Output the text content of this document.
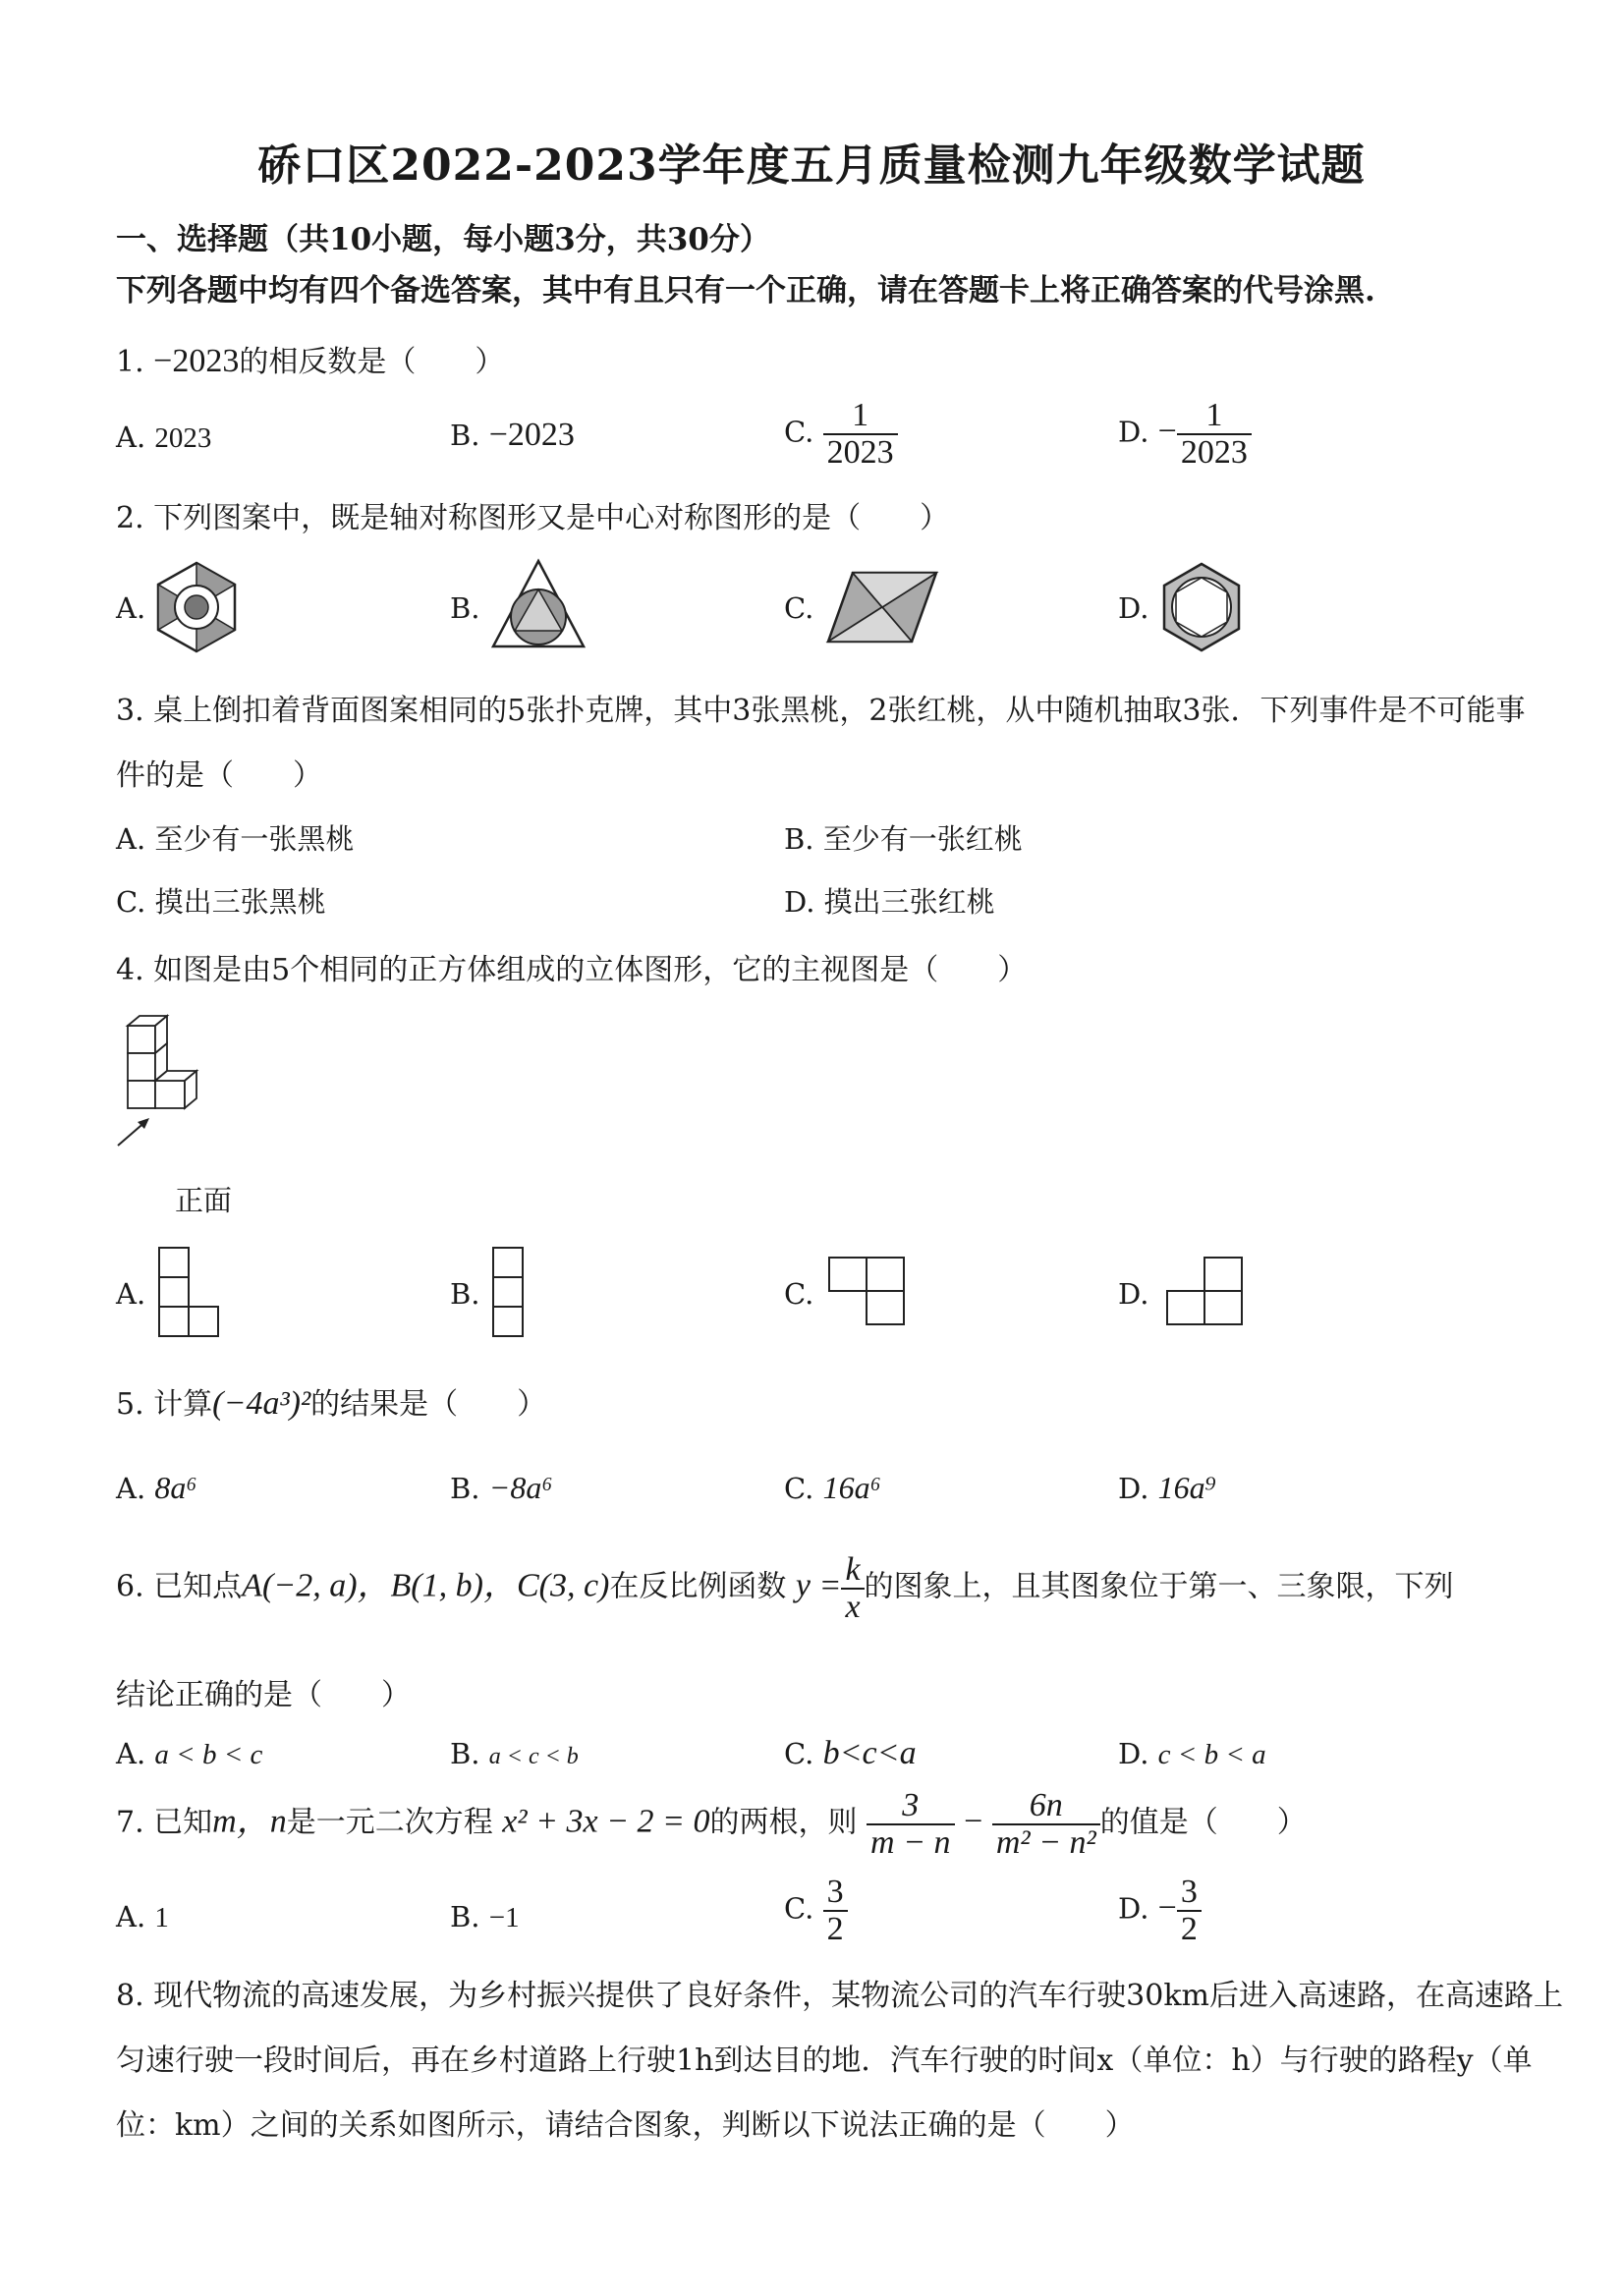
硚口区2022-2023学年度五月质量检测九年级数学试题
一、选择题（共10小题，每小题3分，共30分）
下列各题中均有四个备选答案，其中有且只有一个正确，请在答题卡上将正确答案的代号涂黑.
1. −2023的相反数是（　　）
A. 2023	B. −2023	C. $\frac{1}{2023}$	D. − $\frac{1}{2023}$
2. 下列图案中，既是轴对称图形又是中心对称图形的是（　　）
A.	B.	C.	D.
3. 桌上倒扣着背面图案相同的5张扑克牌，其中3张黑桃，2张红桃，从中随机抽取3张．下列事件是不可能事
件的是（　　）
A. 至少有一张黑桃	B. 至少有一张红桃
C. 摸出三张黑桃	D. 摸出三张红桃
4. 如图是由5个相同的正方体组成的立体图形，它的主视图是（　　）
正面
A.	B.	C.	D.
5. 计算(−4a³)²的结果是（　　）
A. 8a⁶	B. −8a⁶	C. 16a⁶	D. 16a⁹
6. 已知点A(−2, a)，B(1, b)，C(3, c)在反比例函数 $y = \frac{k}{x}$ 的图象上，且其图象位于第一、三象限，下列
结论正确的是（　　）
A. a < b < c	B. a < c < b	C. b<c<a	D. c < b < a
7. 已知m，n是一元二次方程 x² + 3x − 2 = 0的两根，则 $\frac{3}{m - n} - \frac{6n}{\text{m² − n²}}$ 的值是（　　）
A. 1	B. −1	C. $\frac{3}{2}$	D. − $\frac{3}{2}$
8. 现代物流的高速发展，为乡村振兴提供了良好条件，某物流公司的汽车行驶30km后进入高速路，在高速路上
匀速行驶一段时间后，再在乡村道路上行驶1h到达目的地．汽车行驶的时间x（单位：h）与行驶的路程y（单
位：km）之间的关系如图所示，请结合图象，判断以下说法正确的是（　　）
